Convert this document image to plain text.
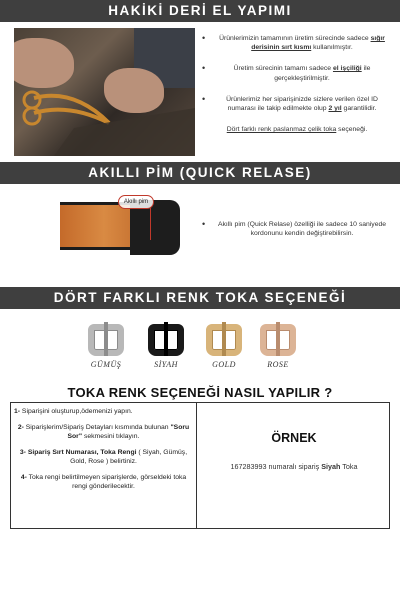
HAKİKİ DERİ EL YAPIMI
• Ürünlerimizin tamamının üretim sürecinde sadece sığır derisinin sırt kısmı kullanılmıştır.
•	Üretim sürecinin tamamı sadece el işçiliği ile gerçekleştirilmiştir.
•	Ürünlerimiz her siparişinizde sizlere verilen özel ID numarası ile takip edilmekte olup 2 yıl garantilidir.
Dört farklı renk paslanmaz çelik toka seçeneği.
AKILLI PİM (QUICK RELASE)
Akıllı pim
• Akıllı pim (Quick Relase) özelliği ile sadece 10 saniyede kordonunu kendin değiştirebilirsin.
DÖRT FARKLI RENK TOKA SEÇENEĞİ
GÜMÜŞ	SİYAH	GOLD	ROSE
TOKA RENK SEÇENEĞİ NASIL YAPILIR ?
1- Siparişini oluşturup,ödemenizi yapın.
2- Siparişlerim/Sipariş Detayları kısmında bulunan "Soru Sor" sekmesini tıklayın.
3- Sipariş Sırt Numarası, Toka Rengi ( Siyah, Gümüş, Gold, Rose ) belirtiniz.
4- Toka rengi belirtilmeyen siparişlerde, görseldeki toka rengi gönderilecektir.
ÖRNEK
167283993 numaralı sipariş Siyah Toka
